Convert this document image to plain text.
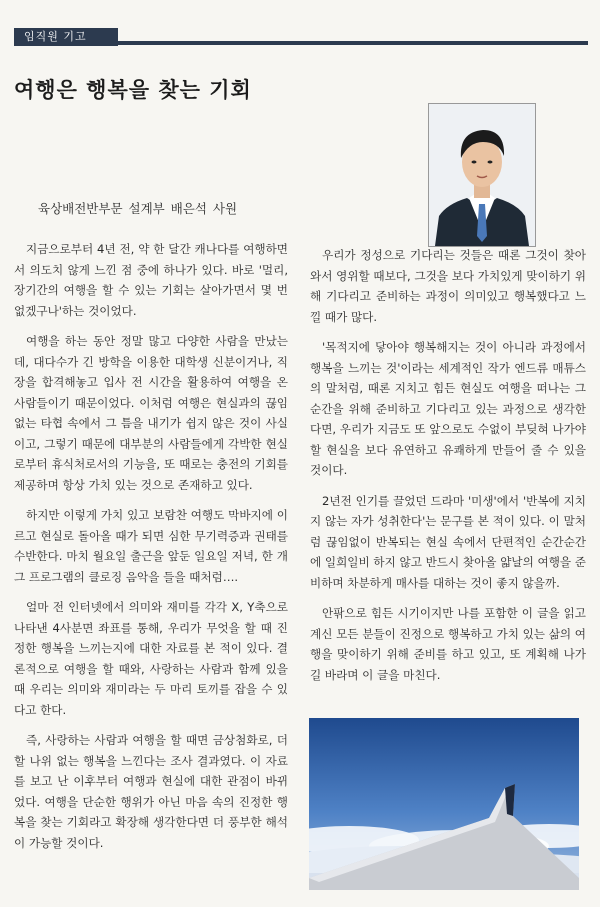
임직원 기고
여행은 행복을 찾는 기회
육상배전반부문 설계부 배은석 사원

지금으로부터 4년 전, 약 한 달간 캐나다를 여행하면서 의도치 않게 느낀 점 중에 하나가 있다. 바로 '멀리, 장기간의 여행을 할 수 있는 기회는 살아가면서 몇 번 없겠구나'하는 것이었다.

여행을 하는 동안 정말 많고 다양한 사람을 만났는데, 대다수가 긴 방학을 이용한 대학생 신분이거나, 직장을 합격해놓고 입사 전 시간을 활용하여 여행을 온 사람들이기 때문이었다. 이처럼 여행은 현실과의 끊임없는 타협 속에서 그 틈을 내기가 쉽지 않은 것이 사실이고, 그렇기 때문에 대부분의 사람들에게 각박한 현실로부터 휴식처로서의 기능을, 또 때로는 충전의 기회를 제공하며 항상 가치 있는 것으로 존재하고 있다.

하지만 이렇게 가치 있고 보람찬 여행도 막바지에 이르고 현실로 돌아올 때가 되면 심한 무기력증과 권태를 수반한다. 마치 월요일 출근을 앞둔 일요일 저녁, 한 개그 프로그램의 클로징 음악을 들을 때처럼….

얼마 전 인터넷에서 의미와 재미를 각각 X, Y축으로 나타낸 4사분면 좌표를 통해, 우리가 무엇을 할 때 진정한 행복을 느끼는지에 대한 자료를 본 적이 있다. 결론적으로 여행을 할 때와, 사랑하는 사람과 함께 있을 때 우리는 의미와 재미라는 두 마리 토끼를 잡을 수 있다고 한다.

즉, 사랑하는 사람과 여행을 할 때면 금상첨화로, 더할 나위 없는 행복을 느낀다는 조사 결과였다. 이 자료를 보고 난 이후부터 여행과 현실에 대한 관점이 바뀌었다. 여행을 단순한 행위가 아닌 마음 속의 진정한 행복을 찾는 기회라고 확장해 생각한다면 더 풍부한 해석이 가능할 것이다.

우리가 정성으로 기다리는 것들은 때론 그것이 찾아와서 영위할 때보다, 그것을 보다 가치있게 맞이하기 위해 기다리고 준비하는 과정이 의미있고 행복했다고 느낄 때가 많다.

'목적지에 닿아야 행복해지는 것이 아니라 과정에서 행복을 느끼는 것'이라는 세계적인 작가 엔드류 매튜스의 말처럼, 때론 지치고 힘든 현실도 여행을 떠나는 그 순간을 위해 준비하고 기다리고 있는 과정으로 생각한다면, 우리가 지금도 또 앞으로도 수없이 부딪혀 나가야 할 현실을 보다 유연하고 유쾌하게 만들어 줄 수 있을 것이다.

2년전 인기를 끌었던 드라마 '미생'에서 '반복에 지치지 않는 자가 성취한다'는 문구를 본 적이 있다. 이 말처럼 끊임없이 반복되는 현실 속에서 단편적인 순간순간에 일희일비 하지 않고 반드시 찾아올 얇날의 여행을 준비하며 차분하게 매사를 대하는 것이 좋지 않을까.

안팎으로 힘든 시기이지만 나를 포함한 이 글을 읽고 계신 모든 분들이 진정으로 행복하고 가치 있는 삶의 여행을 맞이하기 위해 준비를 하고 있고, 또 계획해 나가길 바라며 이 글을 마친다.
